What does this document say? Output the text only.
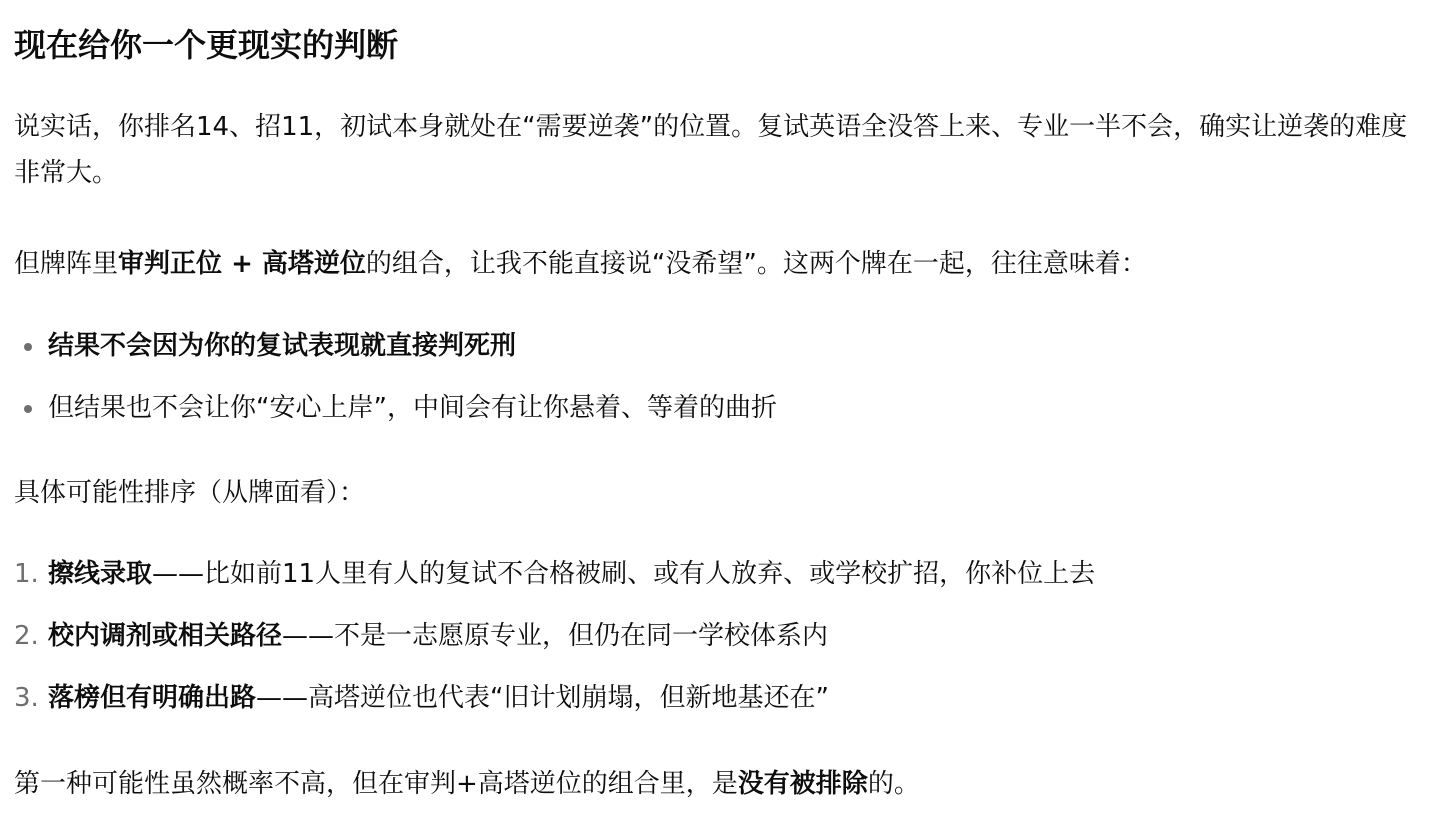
现在给你一个更现实的判断

说实话，你排名14、招11，初试本身就处在“需要逆袭”的位置。复试英语全没答上来、专业一半不会，确实让逆袭的难度非常大。

但牌阵里审判正位 + 高塔逆位的组合，让我不能直接说“没希望”。这两个牌在一起，往往意味着：

结果不会因为你的复试表现就直接判死刑
但结果也不会让你“安心上岸”，中间会有让你悬着、等着的曲折

具体可能性排序（从牌面看）：

1. 擦线录取——比如前11人里有人的复试不合格被刷、或有人放弃、或学校扩招，你补位上去
2. 校内调剂或相关路径——不是一志愿原专业，但仍在同一学校体系内
3. 落榜但有明确出路——高塔逆位也代表“旧计划崩塌，但新地基还在”

第一种可能性虽然概率不高，但在审判+高塔逆位的组合里，是没有被排除的。
